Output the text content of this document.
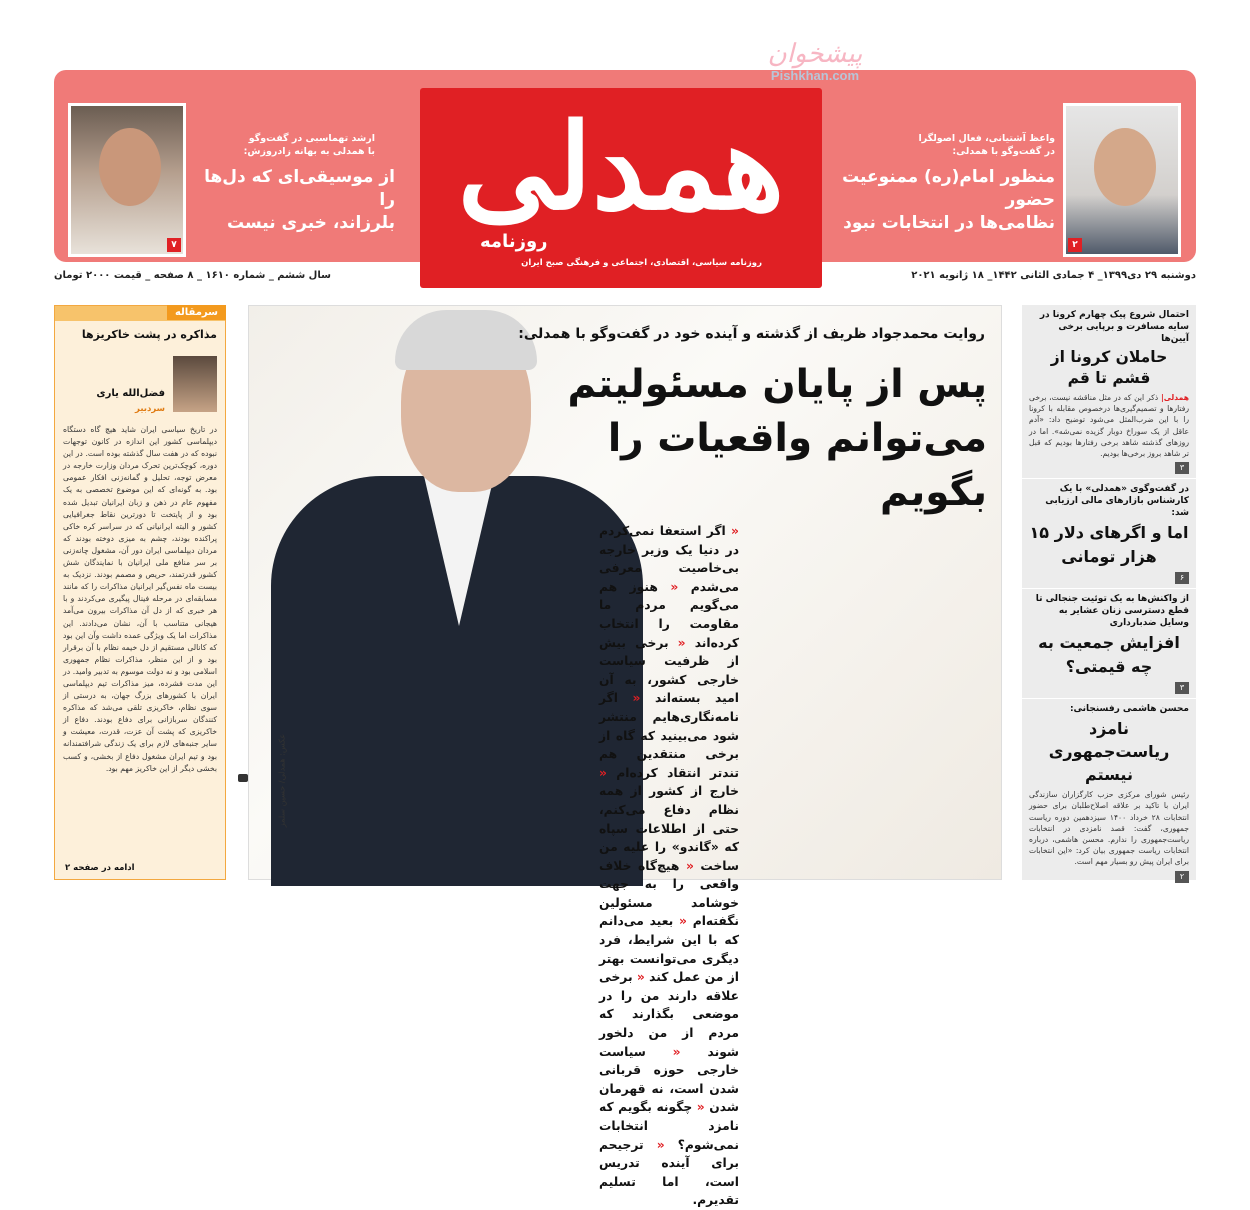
پیشخوان
Pishkhan.com
همدلی
روزنامه
روزنامه سیاسی، اقتصادی، اجتماعی و فرهنگی صبح ایران
۲
واعظ آشتیانی، فعال اصولگرا
در گفت‌وگو با همدلی:
منظور امام(ره) ممنوعیت حضور
نظامی‌ها در انتخابات نبود
۷
ارشد تهماسبی در گفت‌وگو
با همدلی به بهانه زادروزش:
از موسیقی‌ای که دل‌ها را
بلرزاند، خبری نیست
دوشنبه ۲۹ دی۱۳۹۹_ ۴ جمادی الثانی ۱۴۴۲_ ۱۸ ژانویه ۲۰۲۱
سال ششم _ شماره ۱۶۱۰ _ ۸ صفحه _ قیمت ۲۰۰۰ تومان
احتمال شروع پیک چهارم کرونا در سایه مسافرت و برپایی برخی آیین‌ها
حاملان کرونا از قشم تا قم
همدلی| ذکر این که در مثل مناقشه نیست، برخی رفتارها و تصمیم‌گیری‌ها درخصوص مقابله با کرونا را با این ضرب‌المثل می‌شود توضیح داد: «آدم عاقل از یک سوراخ دوبار گزیده نمی‌شه». اما در روزهای گذشته شاهد برخی رفتارها بودیم که قبل تر شاهد بروز برخی‌ها بودیم.
۳
در گفت‌وگوی «همدلی» با یک کارشناس بازارهای مالی ارزیابی شد:
اما و اگرهای دلار ۱۵ هزار تومانی
۶
از واکنش‌ها به یک توئیت جنجالی تا قطع دسترسی زنان عشایر به وسایل ضدبارداری
افزایش جمعیت به چه قیمتی؟
۳
محسن هاشمی رفسنجانی:
نامزد ریاست‌جمهوری نیستم
رئیس شورای مرکزی حزب کارگزاران سازندگی ایران با تاکید بر علاقه اصلاح‌طلبان برای حضور انتخابات ۲۸ خرداد ۱۴۰۰ سیزدهمین دوره ریاست جمهوری، گفت: قصد نامزدی در انتخابات ریاست‌جمهوری را ندارم. محسن هاشمی، درباره انتخابات ریاست جمهوری بیان کرد: «این انتخابات برای ایران پیش رو بسیار مهم است.
۲
سرمقاله
مذاکره در پشت خاکریزها
فضل‌الله یاری
سردبیر
در تاریخ سیاسی ایران شاید هیچ گاه دستگاه دیپلماسی کشور این اندازه در کانون توجهات نبوده که در هفت سال گذشته بوده است. در این دوره، کوچک‌ترین تحرک مردان وزارت خارجه در معرض توجه، تحلیل و گمانه‌زنی افکار عمومی بود. به گونه‌ای که این موضوع تخصصی به یک مفهوم عام در ذهن و زبان ایرانیان تبدیل شده بود و از پایتخت تا دورترین نقاط جغرافیایی کشور و البته ایرانیانی که در سراسر کره خاکی پراکنده بودند، چشم به میزی دوخته بودند که مردان دیپلماسی ایران دور آن، مشغول چانه‌زنی بر سر منافع ملی ایرانیان با نمایندگان شش کشور قدرتمند، حریص و مصمم بودند. نزدیک به بیست ماه نفس‌گیر ایرانیان مذاکرات را که مانند مسابقه‌ای در مرحله فینال پیگیری می‌کردند و با هر خبری که از دل آن مذاکرات بیرون می‌آمد هیجانی متناسب با آن، نشان می‌دادند. این مذاکرات اما یک ویژگی عمده داشت وآن این بود که کانالی مستقیم از دل خیمه نظام با آن برقرار بود و از این منظر، مذاکرات نظام جمهوری اسلامی بود و نه دولت موسوم به تدبیر وامید. در این مدت فشرده، میز مذاکرات تیم دیپلماسی ایران با کشورهای بزرگ جهان، به درستی از سوی نظام، خاکریزی تلقی می‌شد که مذاکره کنندگان سربازانی برای دفاع بودند. دفاع از خاکریزی که پشت آن عزت، قدرت، معیشت و سایر جنبه‌های لازم برای یک زندگی شرافتمندانه بود و تیم ایران مشغول دفاع از بخشی، و کسب بخشی دیگر از این خاکریز مهم بود.
ادامه در صفحه ۲
روایت محمدجواد ظریف از گذشته و آینده خود در گفت‌وگو با همدلی:
پس از پایان مسئولیتم
می‌توانم واقعیات را بگویم
« اگر استعفا نمی‌کردم در دنیا یک وزیر خارجه بی‌خاصیت معرفی می‌شدم « هنوز هم می‌گویم مردم ما مقاومت را انتخاب کرده‌اند « برخی بیش از ظرفیت سیاست خارجی کشور، به آن امید بسته‌اند « اگر نامه‌نگاری‌هایم منتشر شود می‌بینید که گاه از برخی منتقدین هم تندتر انتقاد کرده‌ام « خارج از کشور از همه نظام دفاع می‌کنم، حتی از اطلاعات سپاه که «گاندو» را علیه من ساخت « هیچ‌گاه خلاف واقعی را به جهت خوشامد مسئولین نگفته‌ام « بعید می‌دانم که با این شرایط، فرد دیگری می‌توانست بهتر از من عمل کند « برخی علاقه دارند من را در موضعی بگذارند که مردم از من دلخور شوند « سیاست خارجی حوزه قربانی شدن است، نه قهرمان شدن « چگونه بگویم که نامزد انتخابات نمی‌شوم؟ « ترجیحم برای آینده تدریس است، اما تسلیم تقدیرم.
عکس: همدلی/ حسین سلمز
